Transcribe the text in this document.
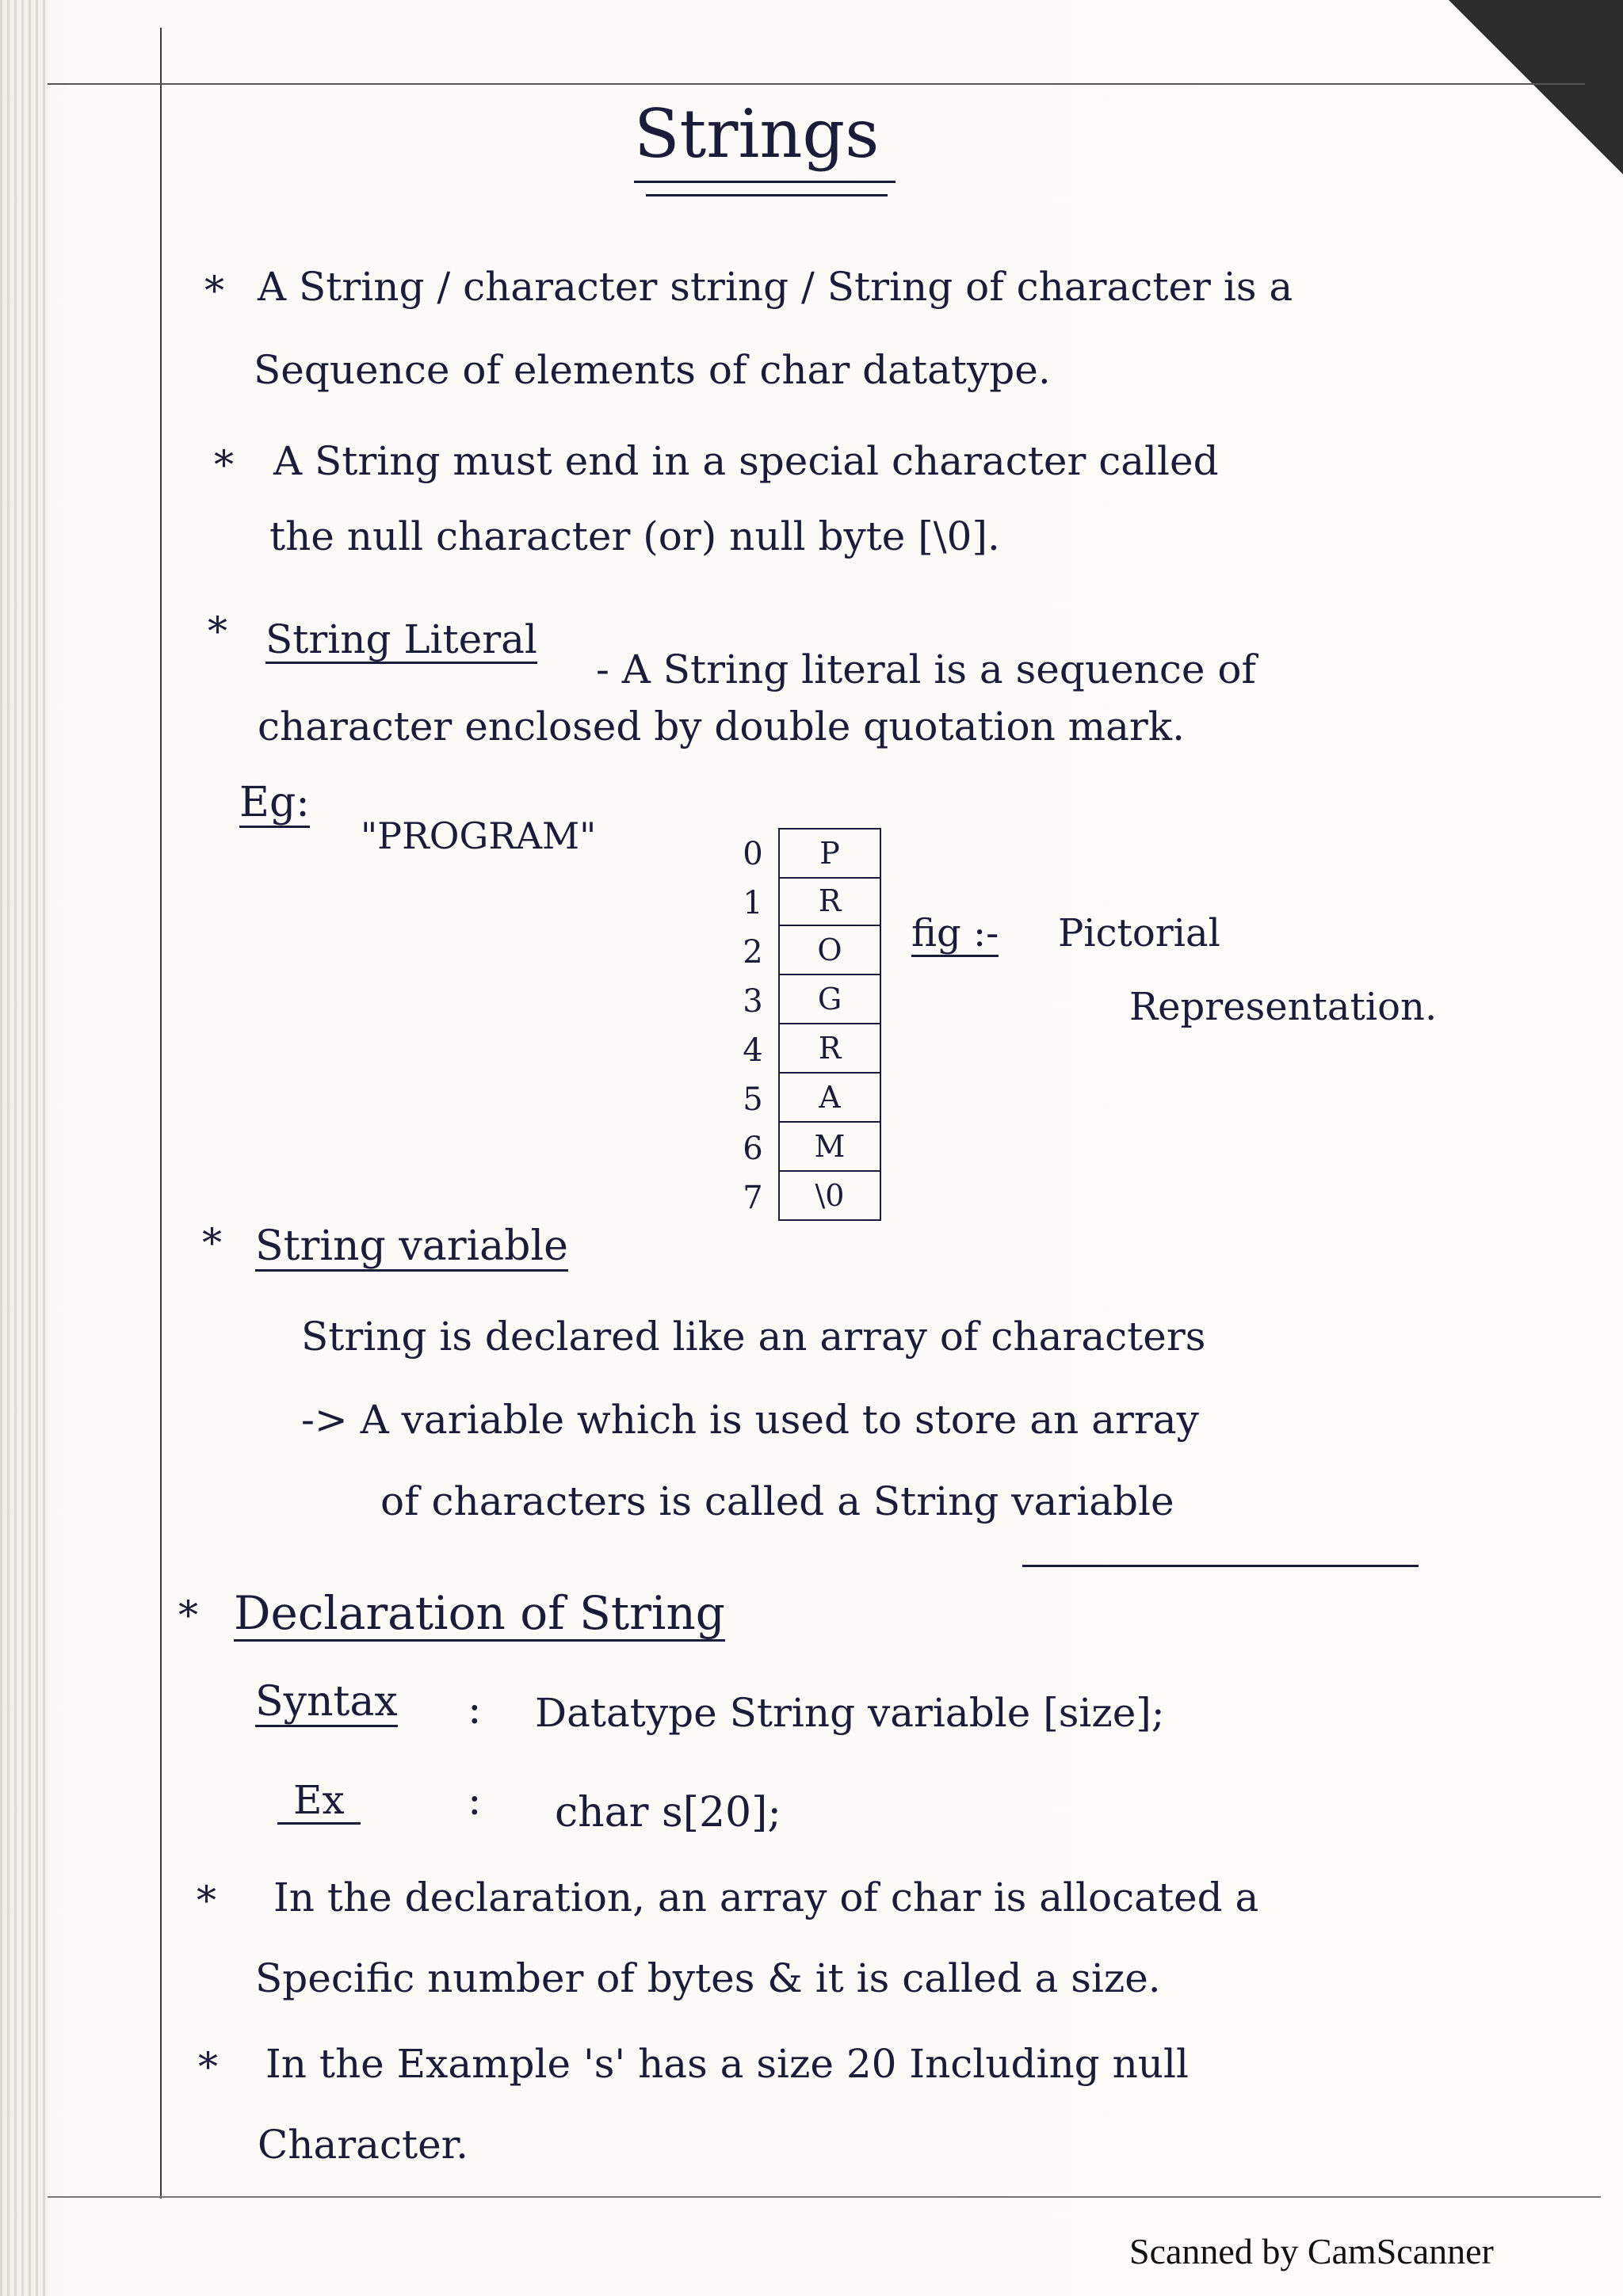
Strings
* A String / character string / String of character is a
Sequence of elements of char datatype.
* A String must end in a special character called
the null character (or) null byte [\0].
* String Literal
- A String literal is a sequence of
character enclosed by double quotation mark.
Eg:
"PROGRAM"	0	P
1	R
2	O
3	G
4	R
5	A
6	M
7	\0
fig :- Pictorial
Representation.
* String variable
String is declared like an array of characters
-> A variable which is used to store an array
of characters is called a String variable
* Declaration of String
Syntax : Datatype String variable [size];
Ex	: char s[20];
* In the declaration, an array of char is allocated a
Specific number of bytes & it is called a size.
* In the Example 's' has a size 20 Including null
Character.
Scanned by CamScanner
